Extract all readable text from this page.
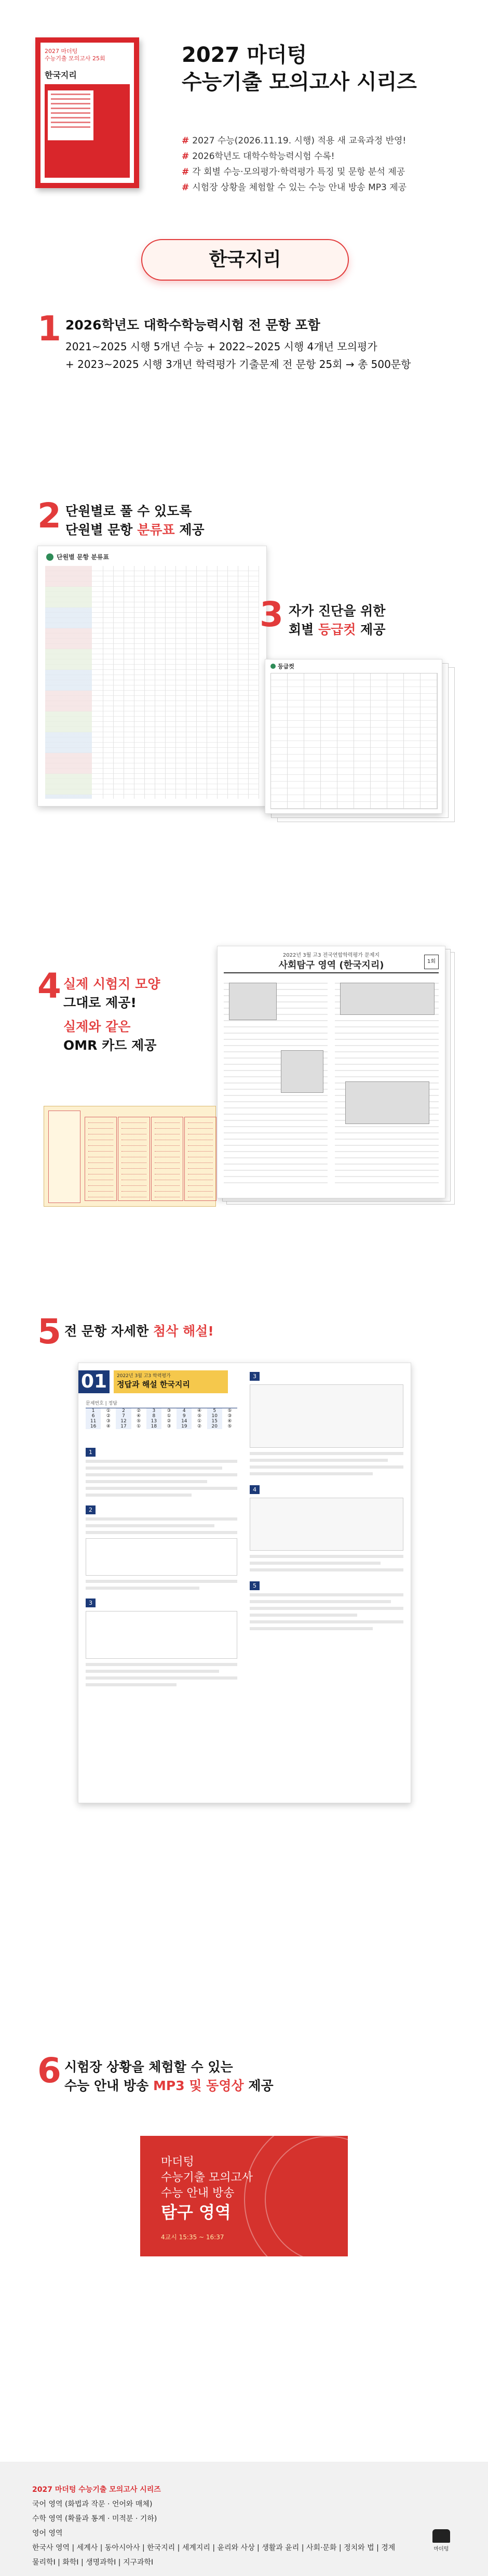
2027 마더텅
수능기출 모의고사 25회
한국지리
2027 마더텅
수능기출 모의고사 시리즈
# 2027 수능(2026.11.19. 시행) 적용 새 교육과정 반영!
# 2026학년도 대학수학능력시험 수록!
# 각 회별 수능·모의평가·학력평가 특징 및 문항 분석 제공
# 시험장 상황을 체험할 수 있는 수능 안내 방송 MP3 제공
한국지리
1 2026학년도 대학수학능력시험 전 문항 포함
2021~2025 시행 5개년 수능 + 2022~2025 시행 4개년 모의평가
+ 2023~2025 시행 3개년 학력평가 기출문제 전 문항 25회 → 총 500문항
2 단원별로 풀 수 있도록
단원별 문항 분류표 제공
단원별 문항 분류표
3 자가 진단을 위한
회별 등급컷 제공
등급컷
4 실제 시험지 모양
그대로 제공!
실제와 같은
OMR 카드 제공
2022년 3월 고3 전국연합학력평가 문제지
사회탐구 영역 (한국지리)	1회
5 전 문항 자세한 첨삭 해설!
01	2022년 3월 고3 학력평가
정답과 해설 한국지리
문제번호 | 정답
1	①	2	②	3	③	4	④	5	⑤
6	②	7	④	8	①	9	⑤	10	③
11	③	12	⑤	13	②	14	①	15	④
16	④	17	①	18	③	19	②	20	⑤
1
2
3
3
4
5
6 시험장 상황을 체험할 수 있는
수능 안내 방송 MP3 및 동영상 제공
마더텅
수능기출 모의고사
수능 안내 방송
탐구 영역
4교시 15:35 ~ 16:37
2027 마더텅 수능기출 모의고사 시리즈
국어 영역 (화법과 작문 · 언어와 매체)
수학 영역 (확률과 통계 · 미적분 · 기하)
영어 영역
한국사 영역 | 세계사 | 동아시아사 | 한국지리 | 세계지리 | 윤리와 사상 | 생활과 윤리 | 사회·문화 | 정치와 법 | 경제
물리학Ⅰ | 화학Ⅰ | 생명과학Ⅰ | 지구과학Ⅰ
마더텅
